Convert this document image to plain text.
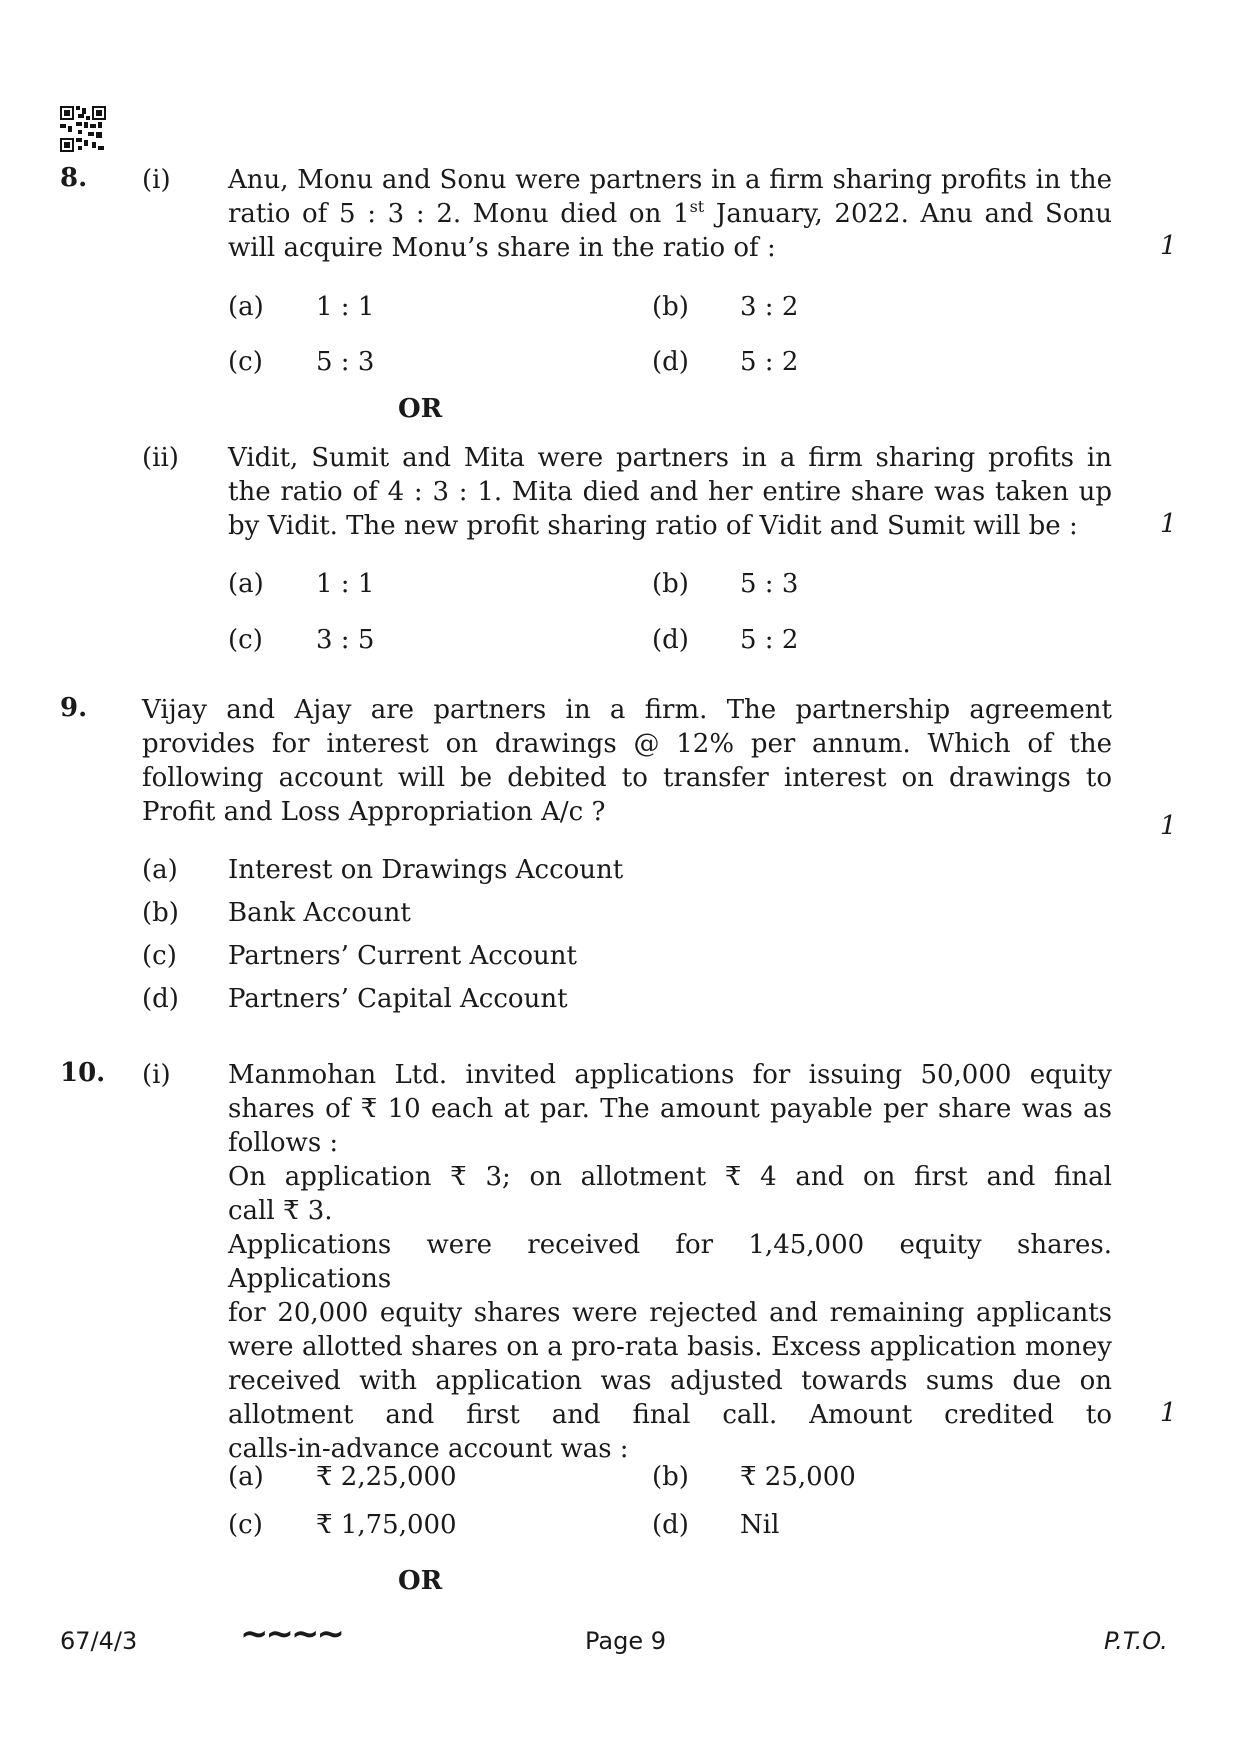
8. (i) Anu, Monu and Sonu were partners in a firm sharing profits in the
ratio of 5 : 3 : 2. Monu died on 1st January, 2022. Anu and Sonu
will acquire Monu’s share in the ratio of :	1
(a) 1 : 1	(b) 3 : 2
(c) 5 : 3	(d) 5 : 2
OR
(ii) Vidit, Sumit and Mita were partners in a firm sharing profits in
the ratio of 4 : 3 : 1. Mita died and her entire share was taken up
by Vidit. The new profit sharing ratio of Vidit and Sumit will be :	1
(a) 1 : 1	(b) 5 : 3
(c) 3 : 5	(d) 5 : 2
9. Vijay and Ajay are partners in a firm. The partnership agreement
provides for interest on drawings @ 12% per annum. Which of the
following account will be debited to transfer interest on drawings to
Profit and Loss Appropriation A/c ?	1
(a) Interest on Drawings Account
(b) Bank Account
(c) Partners’ Current Account
(d) Partners’ Capital Account
10. (i) Manmohan Ltd. invited applications for issuing 50,000 equity
shares of ₹ 10 each at par. The amount payable per share was as
follows :
On application ₹ 3; on allotment ₹ 4 and on first and final
call ₹ 3.
Applications were received for 1,45,000 equity shares. Applications
for 20,000 equity shares were rejected and remaining applicants
were allotted shares on a pro-rata basis. Excess application money
received with application was adjusted towards sums due on
allotment and first and final call. Amount credited to
calls-in-advance account was :
1
(a) ₹ 2,25,000	(b) ₹ 25,000
(c) ₹ 1,75,000	(d) Nil
OR
67/4/3	∼∼∼∼	Page 9	P.T.O.
